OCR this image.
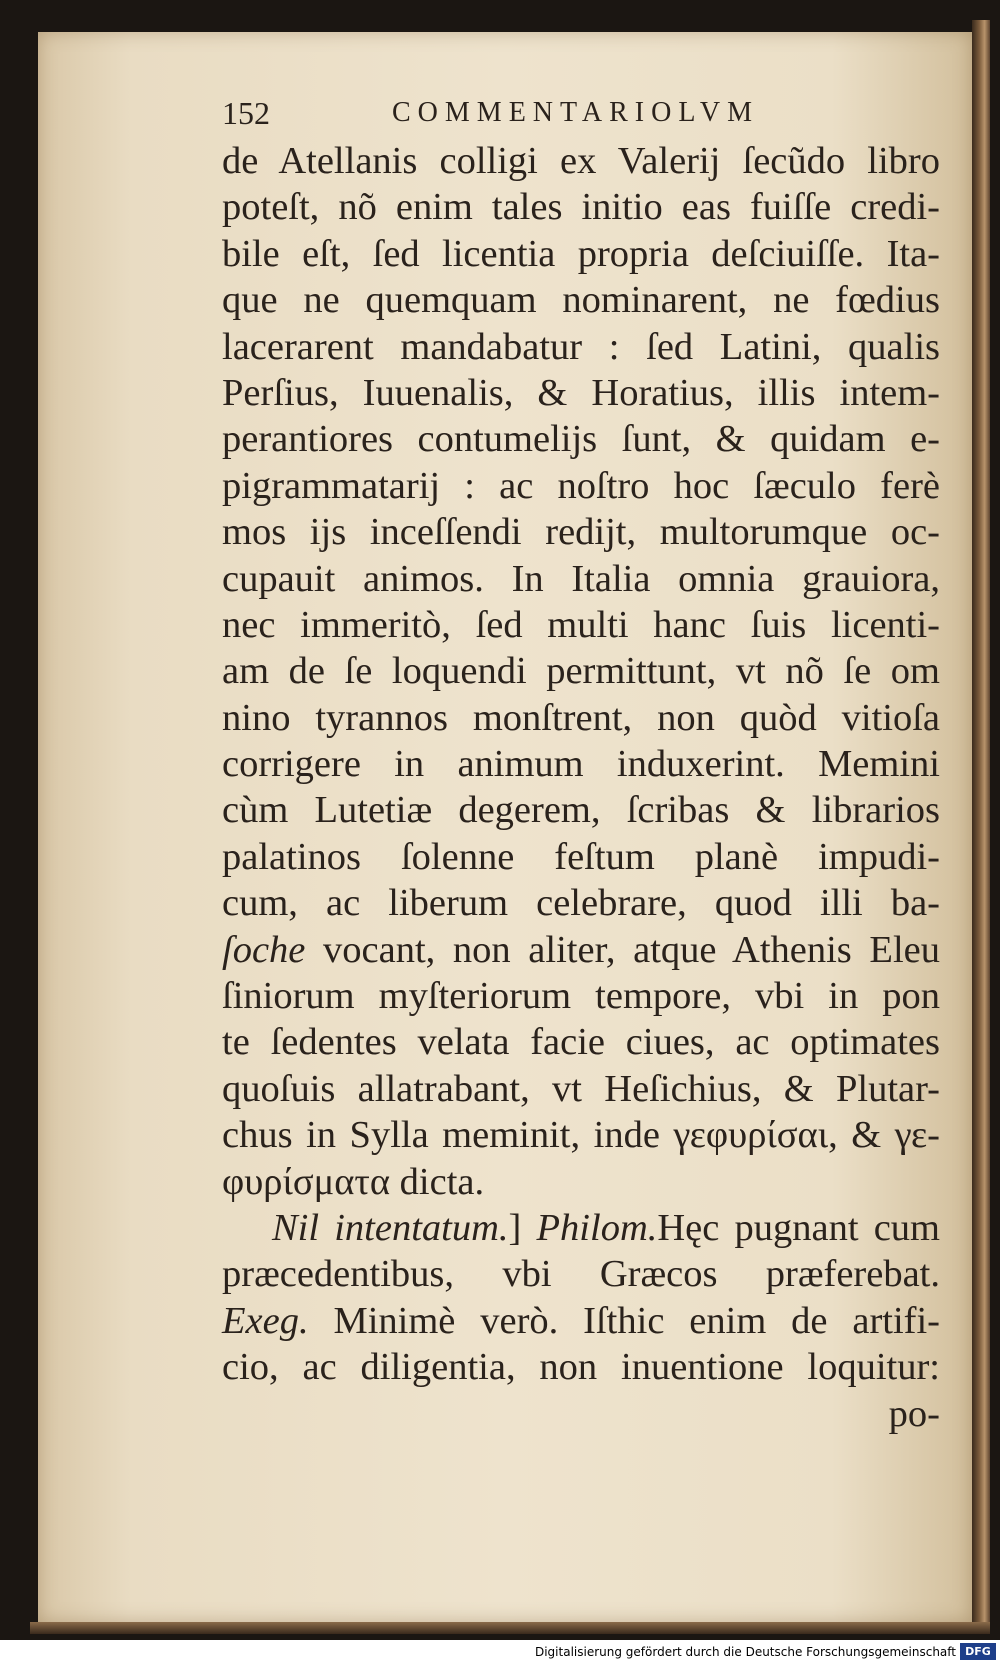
152	COMMENTARIOLVM
de Atellanis colligi ex Valerij ſecũdo libro
poteſt, nõ enim tales initio eas fuiſſe credi-
bile eſt, ſed licentia propria deſciuiſſe. Ita-
que ne quemquam nominarent, ne fœdius
lacerarent mandabatur : ſed Latini, qualis
Perſius, Iuuenalis, & Horatius, illis intem-
perantiores contumelijs ſunt, & quidam e-
pigrammatarij : ac noſtro hoc ſæculo ferè
mos ijs inceſſendi redijt, multorumque oc-
cupauit animos. In Italia omnia grauiora,
nec immeritò, ſed multi hanc ſuis licenti-
am de ſe loquendi permittunt, vt nõ ſe om
nino tyrannos monſtrent, non quòd vitioſa
corrigere in animum induxerint. Memini
cùm Lutetiæ degerem, ſcribas & librarios
palatinos ſolenne feſtum planè impudi-
cum, ac liberum celebrare, quod illi ba-
ſoche vocant, non aliter, atque Athenis Eleu
ſiniorum myſteriorum tempore, vbi in pon
te ſedentes velata facie ciues, ac optimates
quoſuis allatrabant, vt Heſichius, & Plutar-
chus in Sylla meminit, inde γεφυρίσαι, & γε-
φυρίσματα dicta.
Nil intentatum.] Philom.Hęc pugnant cum
præcedentibus, vbi Græcos præferebat.
Exeg. Minimè verò. Iſthic enim de artifi-
cio, ac diligentia, non inuentione loquitur:
po-
Digitalisierung gefördert durch die Deutsche Forschungsgemeinschaft DFG
